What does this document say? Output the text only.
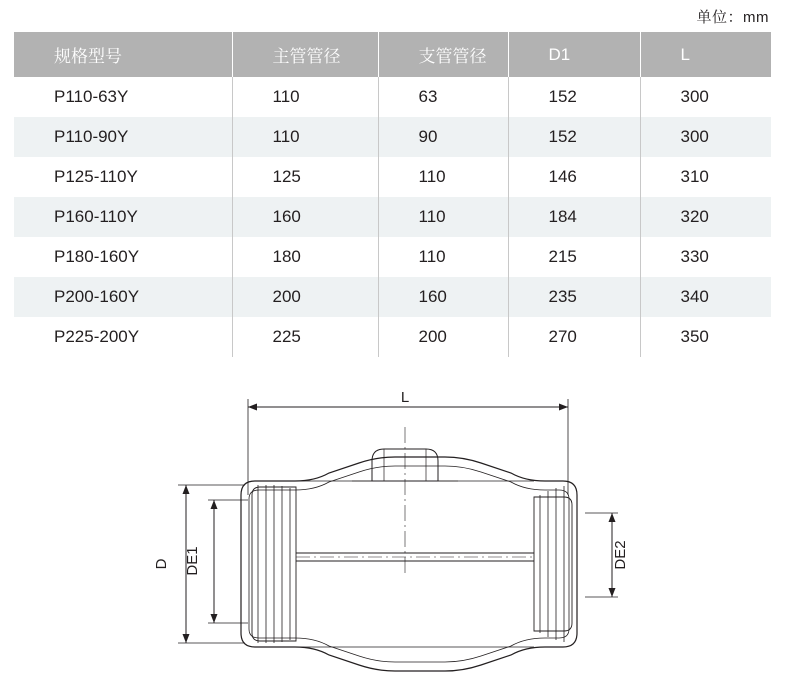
单位：mm
规格型号	主管管径	支管管径	D1	L
P110-63Y	110	63	152	300
P110-90Y	110	90	152	300
P125-110Y	125	110	146	310
P160-110Y	160	110	184	320
P180-160Y	180	110	215	330
P200-160Y	200	160	235	340
P225-200Y	225	200	270	350
L
D DE1	DE2
